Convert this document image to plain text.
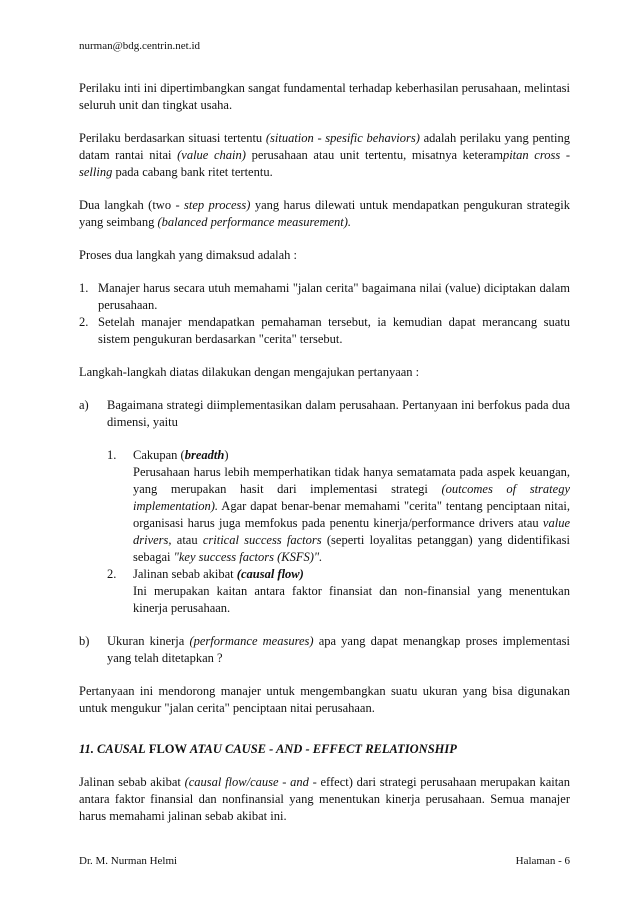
nurman@bdg.centrin.net.id

Perilaku inti ini dipertimbangkan sangat fundamental terhadap keberhasilan perusahaan, melintasi seluruh unit dan tingkat usaha.

Perilaku berdasarkan situasi tertentu (situation - spesific behaviors) adalah perilaku yang penting datam rantai nitai (value chain) perusahaan atau unit tertentu, misatnya keterampitan cross - selling pada cabang bank ritet tertentu.

Dua langkah (two - step process) yang harus dilewati untuk mendapatkan pengukuran strategik yang seimbang (balanced performance measurement).

Proses dua langkah yang dimaksud adalah :

1. Manajer harus secara utuh memahami "jalan cerita" bagaimana nilai (value) diciptakan dalam perusahaan.
2. Setelah manajer mendapatkan pemahaman tersebut, ia kemudian dapat merancang suatu sistem pengukuran berdasarkan "cerita" tersebut.

Langkah-langkah diatas dilakukan dengan mengajukan pertanyaan :

a)	Bagaimana strategi diimplementasikan dalam perusahaan. Pertanyaan ini berfokus pada dua dimensi, yaitu
1.	Cakupan (breadth)
Perusahaan harus lebih memperhatikan tidak hanya sematamata pada aspek keuangan, yang merupakan hasit dari implementasi strategi (outcomes of strategy implementation). Agar dapat benar-benar memahami "cerita" tentang penciptaan nitai, organisasi harus juga memfokus pada penentu kinerja/performance drivers atau value drivers, atau critical success factors (seperti loyalitas petanggan) yang didentifikasi sebagai "key success factors (KSFS)".
2.	Jalinan sebab akibat (causal flow)
Ini merupakan kaitan antara faktor finansiat dan non-finansial yang menentukan kinerja perusahaan.
b)	Ukuran kinerja (performance measures) apa yang dapat menangkap proses implementasi yang telah ditetapkan ?

Pertanyaan ini mendorong manajer untuk mengembangkan suatu ukuran yang bisa digunakan untuk mengukur "jalan cerita" penciptaan nitai perusahaan.

11. CAUSAL FLOW ATAU CAUSE - AND - EFFECT RELATIONSHIP

Jalinan sebab akibat (causal flow/cause - and - effect) dari strategi perusahaan merupakan kaitan antara faktor finansial dan nonfinansial yang menentukan kinerja perusahaan. Semua manajer harus memahami jalinan sebab akibat ini.

Dr. M. Nurman Helmi	Halaman - 6
